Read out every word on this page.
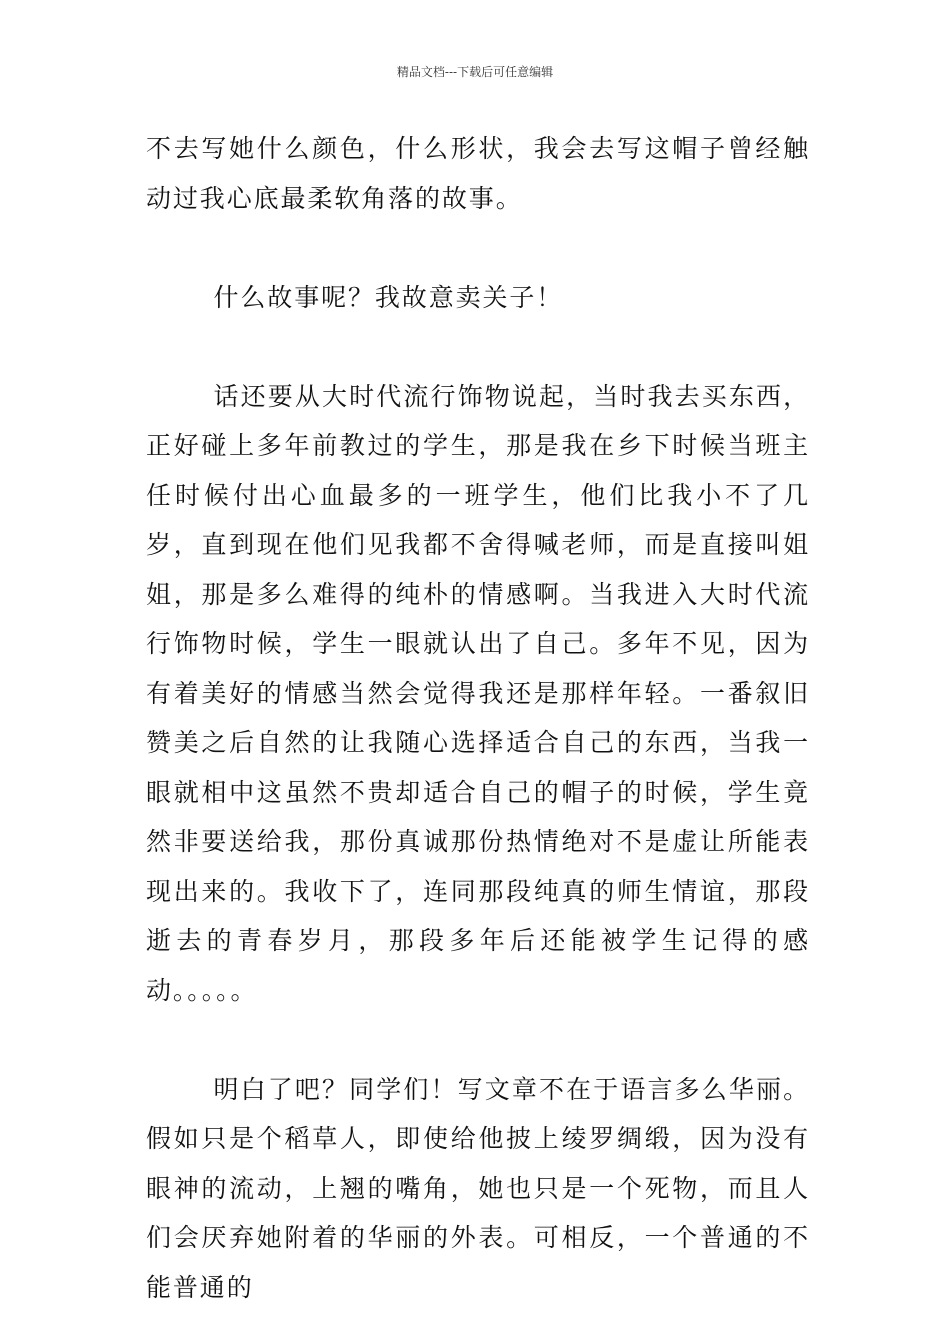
精品文档---下载后可任意编辑

不去写她什么颜色，什么形状，我会去写这帽子曾经触动过我心底最柔软角落的故事。

什么故事呢？我故意卖关子！

话还要从大时代流行饰物说起，当时我去买东西，正好碰上多年前教过的学生，那是我在乡下时候当班主任时候付出心血最多的一班学生，他们比我小不了几岁，直到现在他们见我都不舍得喊老师，而是直接叫姐姐，那是多么难得的纯朴的情感啊。当我进入大时代流行饰物时候，学生一眼就认出了自己。多年不见，因为有着美好的情感当然会觉得我还是那样年轻。一番叙旧赞美之后自然的让我随心选择适合自己的东西，当我一眼就相中这虽然不贵却适合自己的帽子的时候，学生竟然非要送给我，那份真诚那份热情绝对不是虚让所能表现出来的。我收下了，连同那段纯真的师生情谊，那段逝去的青春岁月，那段多年后还能被学生记得的感动。。。。。

明白了吧？同学们！写文章不在于语言多么华丽。假如只是个稻草人，即使给他披上绫罗绸缎，因为没有眼神的流动，上翘的嘴角，她也只是一个死物，而且人们会厌弃她附着的华丽的外表。可相反，一个普通的不能普通的
